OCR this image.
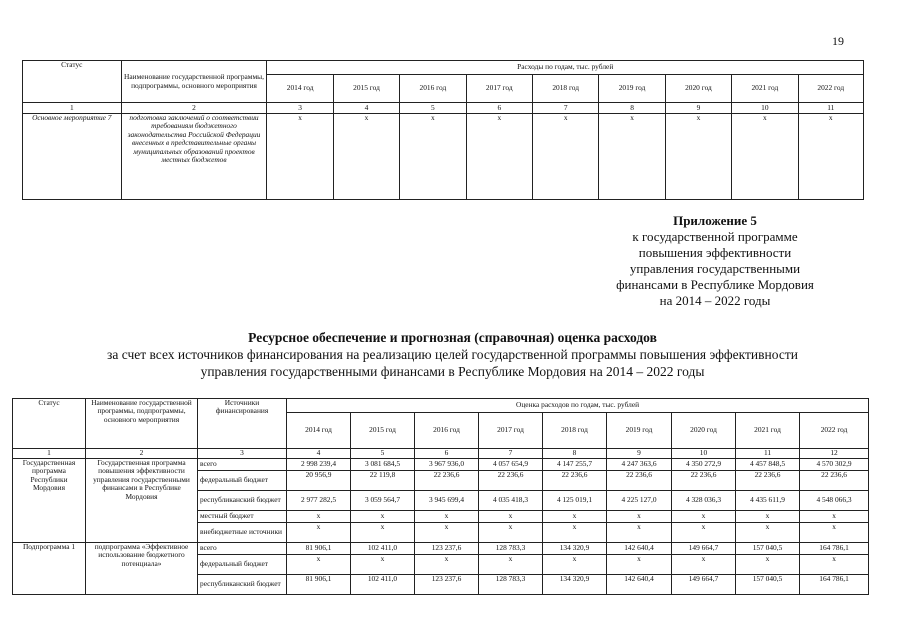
19
Статус	Наименование государственной программы, подпрограммы, основного мероприятия	Расходы по годам, тыс. рублей								
		2014 год	2015 год	2016 год	2017 год	2018 год	2019 год	2020 год	2021 год	2022 год
1	2	3	4	5	6	7	8	9	10	11
Основное мероприятие 7	подготовка заключений о соответствии требованиям бюджетного законодательства Российской Федерации внесенных в представительные органы муниципальных образований проектов местных бюджетов	х	х	х	х	х	х	х	х	х
Приложение 5
к государственной программе
повышения эффективности
управления государственными
финансами в Республике Мордовия
на 2014 – 2022 годы
Ресурсное обеспечение и прогнозная (справочная) оценка расходов
за счет всех источников финансирования на реализацию целей государственной программы повышения эффективности
управления государственными финансами в Республике Мордовия на 2014 – 2022 годы
Статус	Наименование государственной программы, подпрограммы, основного мероприятия	Источники финансирования	Оценка расходов по годам, тыс. рублей								
			2014 год	2015 год	2016 год	2017 год	2018 год	2019 год	2020 год	2021 год	2022 год
1	2	3	4	5	6	7	8	9	10	11	12
Государственная программа Республики Мордовия	Государственная программа повышения эффективности управления государственными финансами в Республике Мордовия	всего	2 998 239,4	3 081 684,5	3 967 936,0	4 057 654,9	4 147 255,7	4 247 363,6	4 350 272,9	4 457 848,5	4 570 302,9
		федеральный бюджет	20 956,9	22 119,8	22 236,6	22 236,6	22 236,6	22 236,6	22 236,6	22 236,6	22 236,6
		республиканский бюджет	2 977 282,5	3 059 564,7	3 945 699,4	4 035 418,3	4 125 019,1	4 225 127,0	4 328 036,3	4 435 611,9	4 548 066,3
		местный бюджет	х	х	х	х	х	х	х	х	х
		внебюджетные источники	х	х	х	х	х	х	х	х	х
Подпрограмма 1	подпрограмма «Эффективное использование бюджетного потенциала»	всего	81 906,1	102 411,0	123 237,6	128 783,3	134 320,9	142 640,4	149 664,7	157 040,5	164 786,1
		федеральный бюджет	х	х	х	х	х	х	х	х	х
		республиканский бюджет	81 906,1	102 411,0	123 237,6	128 783,3	134 320,9	142 640,4	149 664,7	157 040,5	164 786,1
